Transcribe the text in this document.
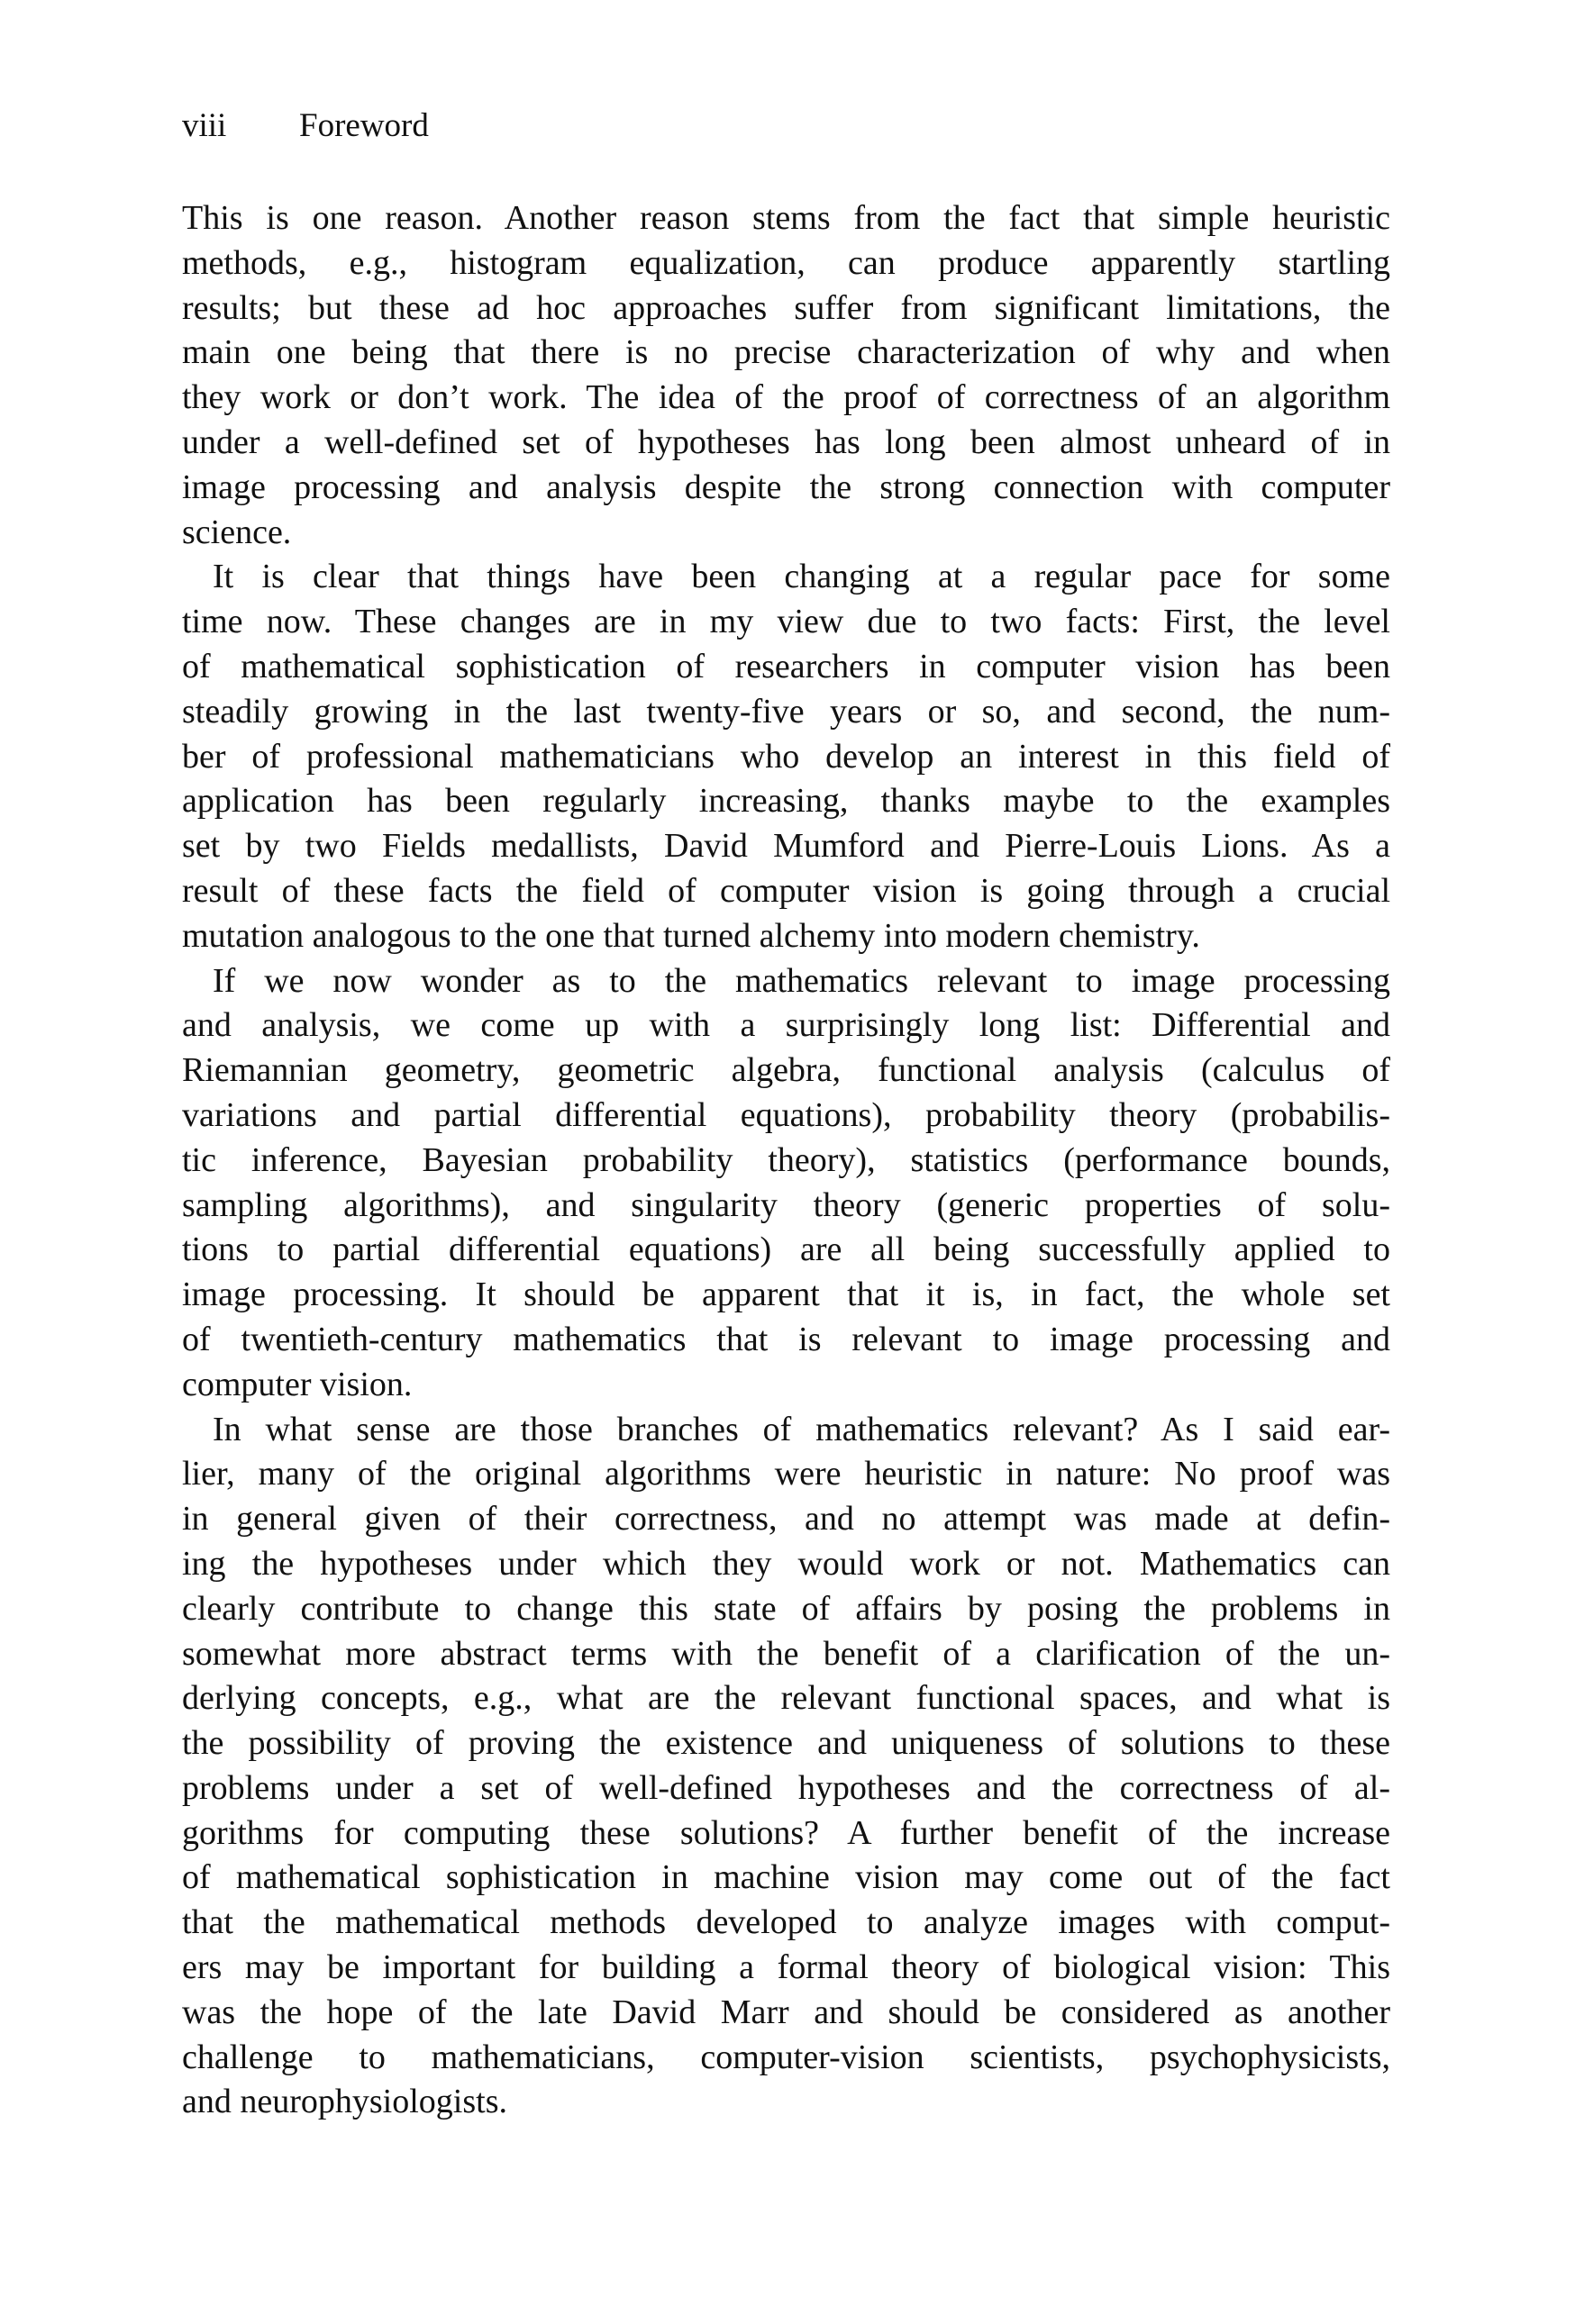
viii Foreword
This is one reason. Another reason stems from the fact that simple heuristic
methods, e.g., histogram equalization, can produce apparently startling
results; but these ad hoc approaches suffer from significant limitations, the
main one being that there is no precise characterization of why and when
they work or don’t work. The idea of the proof of correctness of an algorithm
under a well-defined set of hypotheses has long been almost unheard of in
image processing and analysis despite the strong connection with computer
science.
It is clear that things have been changing at a regular pace for some
time now. These changes are in my view due to two facts: First, the level
of mathematical sophistication of researchers in computer vision has been
steadily growing in the last twenty-five years or so, and second, the num-
ber of professional mathematicians who develop an interest in this field of
application has been regularly increasing, thanks maybe to the examples
set by two Fields medallists, David Mumford and Pierre-Louis Lions. As a
result of these facts the field of computer vision is going through a crucial
mutation analogous to the one that turned alchemy into modern chemistry.
If we now wonder as to the mathematics relevant to image processing
and analysis, we come up with a surprisingly long list: Differential and
Riemannian geometry, geometric algebra, functional analysis (calculus of
variations and partial differential equations), probability theory (probabilis-
tic inference, Bayesian probability theory), statistics (performance bounds,
sampling algorithms), and singularity theory (generic properties of solu-
tions to partial differential equations) are all being successfully applied to
image processing. It should be apparent that it is, in fact, the whole set
of twentieth-century mathematics that is relevant to image processing and
computer vision.
In what sense are those branches of mathematics relevant? As I said ear-
lier, many of the original algorithms were heuristic in nature: No proof was
in general given of their correctness, and no attempt was made at defin-
ing the hypotheses under which they would work or not. Mathematics can
clearly contribute to change this state of affairs by posing the problems in
somewhat more abstract terms with the benefit of a clarification of the un-
derlying concepts, e.g., what are the relevant functional spaces, and what is
the possibility of proving the existence and uniqueness of solutions to these
problems under a set of well-defined hypotheses and the correctness of al-
gorithms for computing these solutions? A further benefit of the increase
of mathematical sophistication in machine vision may come out of the fact
that the mathematical methods developed to analyze images with comput-
ers may be important for building a formal theory of biological vision: This
was the hope of the late David Marr and should be considered as another
challenge to mathematicians, computer-vision scientists, psychophysicists,
and neurophysiologists.
